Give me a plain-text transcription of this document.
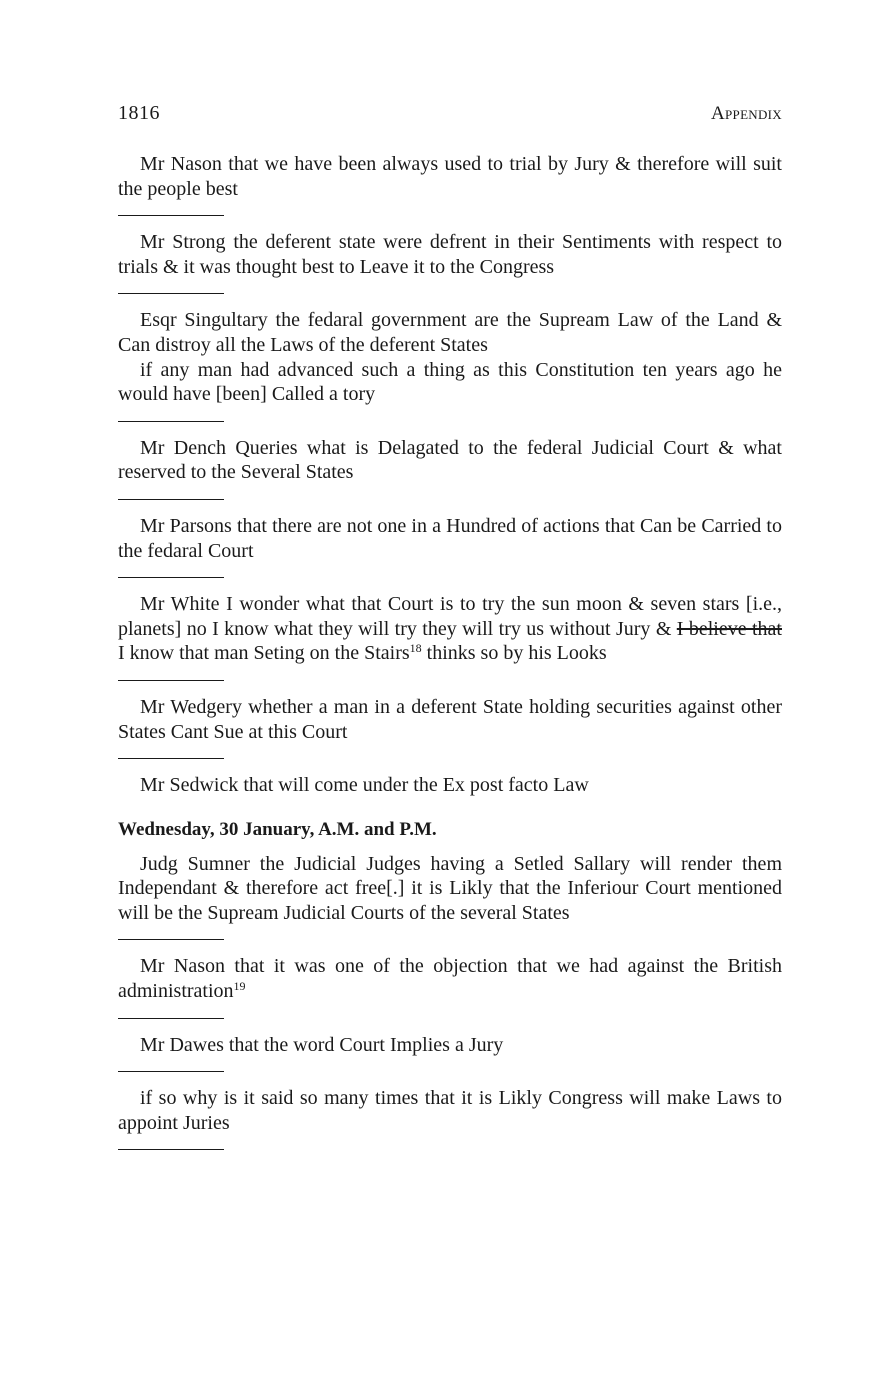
1816	Appendix

Mr Nason that we have been always used to trial by Jury & therefore will suit the people best

Mr Strong the deferent state were defrent in their Sentiments with respect to trials & it was thought best to Leave it to the Congress

Esqr Singultary the fedaral government are the Supream Law of the Land & Can distroy all the Laws of the deferent States

if any man had advanced such a thing as this Constitution ten years ago he would have [been] Called a tory

Mr Dench Queries what is Delagated to the federal Judicial Court & what reserved to the Several States

Mr Parsons that there are not one in a Hundred of actions that Can be Carried to the fedaral Court

Mr White I wonder what that Court is to try the sun moon & seven stars [i.e., planets] no I know what they will try they will try us without Jury & I believe that I know that man Seting on the Stairs$^{18}$ thinks so by his Looks

Mr Wedgery whether a man in a deferent State holding securities against other States Cant Sue at this Court

Mr Sedwick that will come under the Ex post facto Law

Wednesday, 30 January, A.M. and P.M.

Judg Sumner the Judicial Judges having a Setled Sallary will render them Independant & therefore act free[.] it is Likly that the Inferiour Court mentioned will be the Supream Judicial Courts of the several States

Mr Nason that it was one of the objection that we had against the British administration$^{19}$

Mr Dawes that the word Court Implies a Jury

if so why is it said so many times that it is Likly Congress will make Laws to appoint Juries
